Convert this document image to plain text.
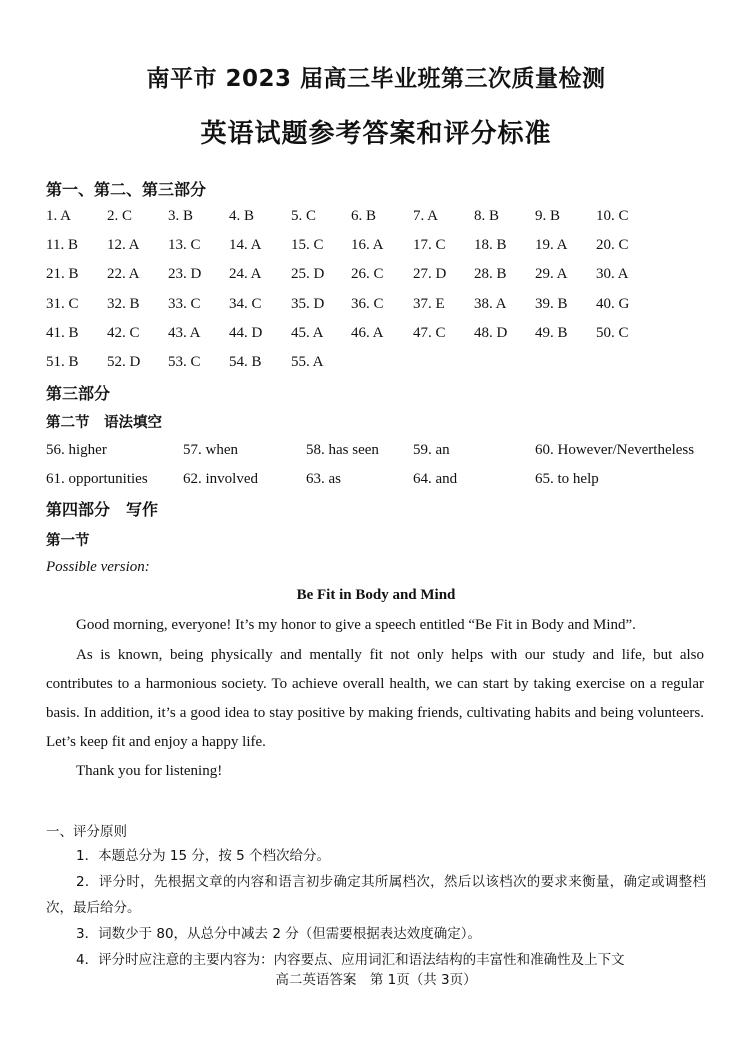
南平市 2023 届高三毕业班第三次质量检测
英语试题参考答案和评分标准
第一、第二、第三部分
1. A 2. C 3. B 4. B 5. C 6. B 7. A 8. B 9. B 10. C
11. B 12. A 13. C 14. A 15. C 16. A 17. C 18. B 19. A 20. C
21. B 22. A 23. D 24. A 25. D 26. C 27. D 28. B 29. A 30. A
31. C 32. B 33. C 34. C 35. D 36. C 37. E 38. A 39. B 40. G
41. B 42. C 43. A 44. D 45. A 46. A 47. C 48. D 49. B 50. C
51. B 52. D 53. C 54. B 55. A
第三部分
第二节　语法填空
56. higher	57. when	58. has seen 59. an	60. However/Nevertheless
61. opportunities 62. involved	63. as	64. and	65. to help
第四部分　写作
第一节
Possible version:
Be Fit in Body and Mind
Good morning, everyone! It’s my honor to give a speech entitled “Be Fit in Body and Mind”.
As is known, being physically and mentally fit not only helps with our study and life, but also contributes to a harmonious society. To achieve overall health, we can start by taking exercise on a regular basis. In addition, it’s a good idea to stay positive by making friends, cultivating habits and being volunteers. Let’s keep fit and enjoy a happy life.
Thank you for listening!
一、评分原则
1．本题总分为 15 分，按 5 个档次给分。
2．评分时，先根据文章的内容和语言初步确定其所属档次，然后以该档次的要求来衡量，确定或调整档次，最后给分。
3．词数少于 80，从总分中减去 2 分（但需要根据表达效度确定）。
4．评分时应注意的主要内容为：内容要点、应用词汇和语法结构的丰富性和准确性及上下文
高二英语答案　第 1页（共 3页）
